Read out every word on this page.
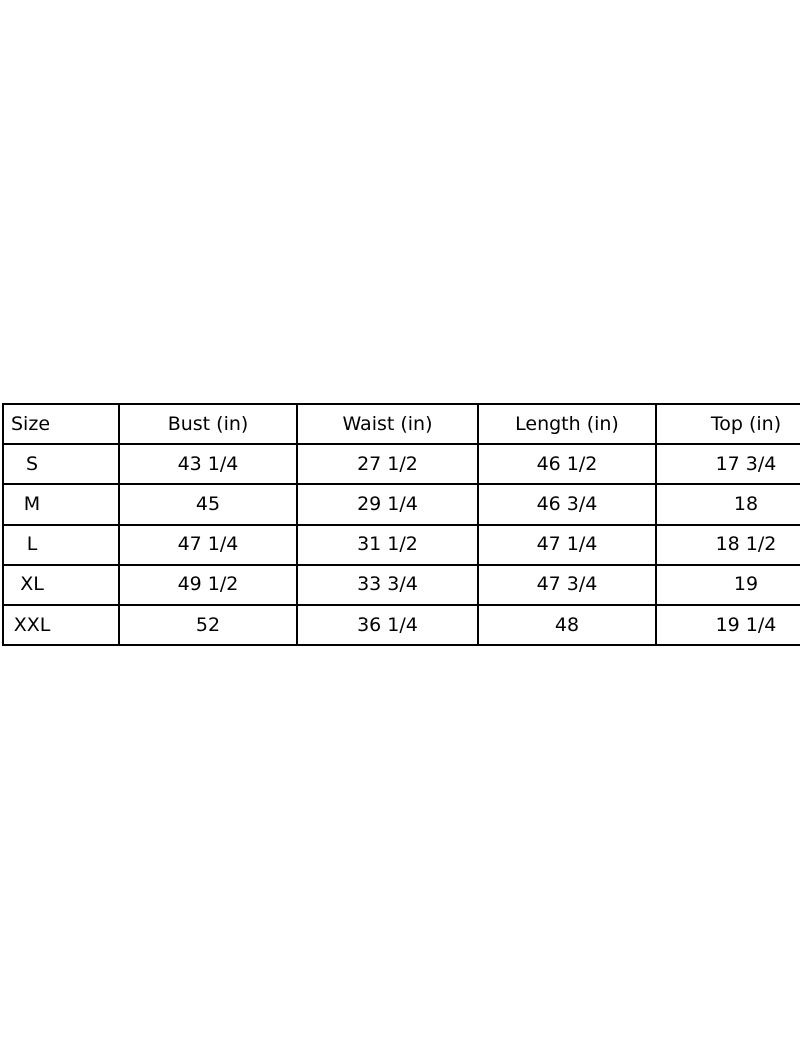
Size	Bust (in)	Waist (in)	Length (in)	Top (in)
S	43 1/4	27 1/2	46 1/2	17 3/4
M	45	29 1/4	46 3/4	18
L	47 1/4	31 1/2	47 1/4	18 1/2
XL	49 1/2	33 3/4	47 3/4	19
XXL	52	36 1/4	48	19 1/4
